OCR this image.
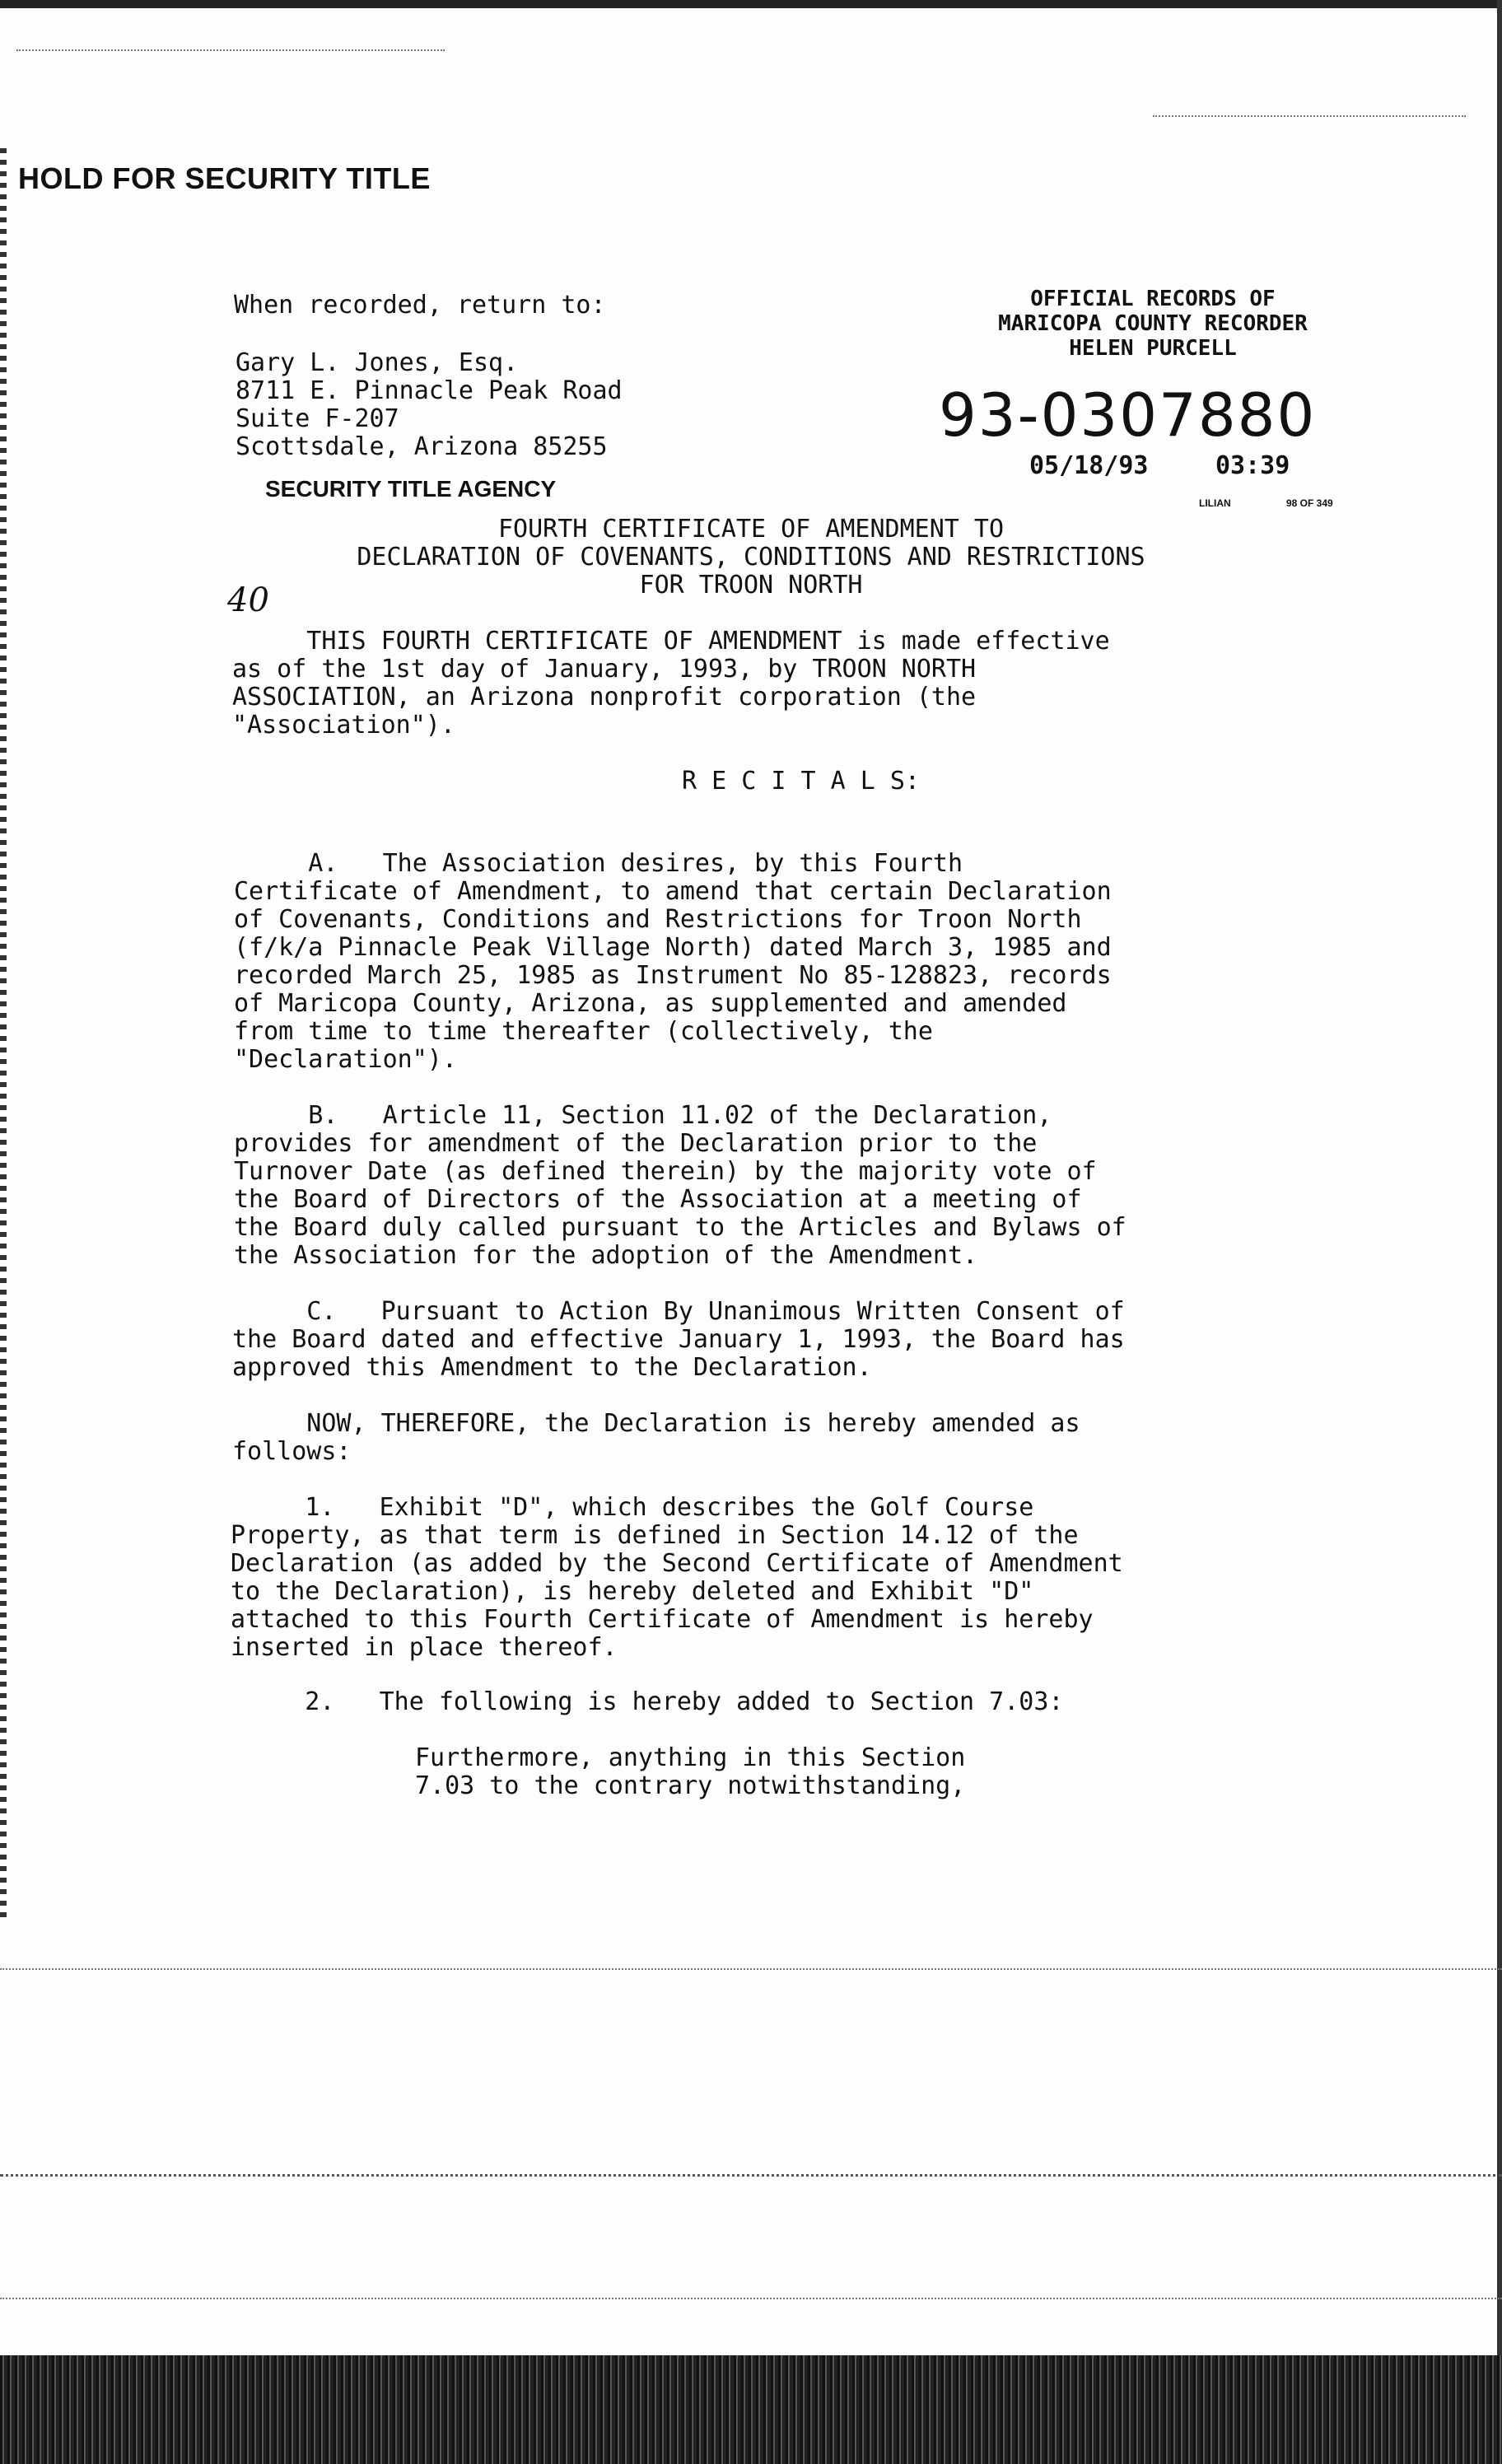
HOLD FOR SECURITY TITLE
When recorded, return to:
Gary L. Jones, Esq.
8711 E. Pinnacle Peak Road
Suite F-207
Scottsdale, Arizona 85255
SECURITY TITLE AGENCY
OFFICIAL RECORDS OF
MARICOPA COUNTY RECORDER
HELEN PURCELL
93-0307880
05/18/93	03:39
LILIAN	98 OF 349
FOURTH CERTIFICATE OF AMENDMENT TO
DECLARATION OF COVENANTS, CONDITIONS AND RESTRICTIONS
FOR TROON NORTH
40
THIS FOURTH CERTIFICATE OF AMENDMENT is made effective
as of the 1st day of January, 1993, by TROON NORTH
ASSOCIATION, an Arizona nonprofit corporation (the
"Association").
R E C I T A L S:
A.   The Association desires, by this Fourth
Certificate of Amendment, to amend that certain Declaration
of Covenants, Conditions and Restrictions for Troon North
(f/k/a Pinnacle Peak Village North) dated March 3, 1985 and
recorded March 25, 1985 as Instrument No 85-128823, records
of Maricopa County, Arizona, as supplemented and amended
from time to time thereafter (collectively, the
"Declaration").
B.   Article 11, Section 11.02 of the Declaration,
provides for amendment of the Declaration prior to the
Turnover Date (as defined therein) by the majority vote of
the Board of Directors of the Association at a meeting of
the Board duly called pursuant to the Articles and Bylaws of
the Association for the adoption of the Amendment.
C.   Pursuant to Action By Unanimous Written Consent of
the Board dated and effective January 1, 1993, the Board has
approved this Amendment to the Declaration.
NOW, THEREFORE, the Declaration is hereby amended as
follows:
1.   Exhibit "D", which describes the Golf Course
Property, as that term is defined in Section 14.12 of the
Declaration (as added by the Second Certificate of Amendment
to the Declaration), is hereby deleted and Exhibit "D"
attached to this Fourth Certificate of Amendment is hereby
inserted in place thereof.
2.   The following is hereby added to Section 7.03:
Furthermore, anything in this Section
7.03 to the contrary notwithstanding,
